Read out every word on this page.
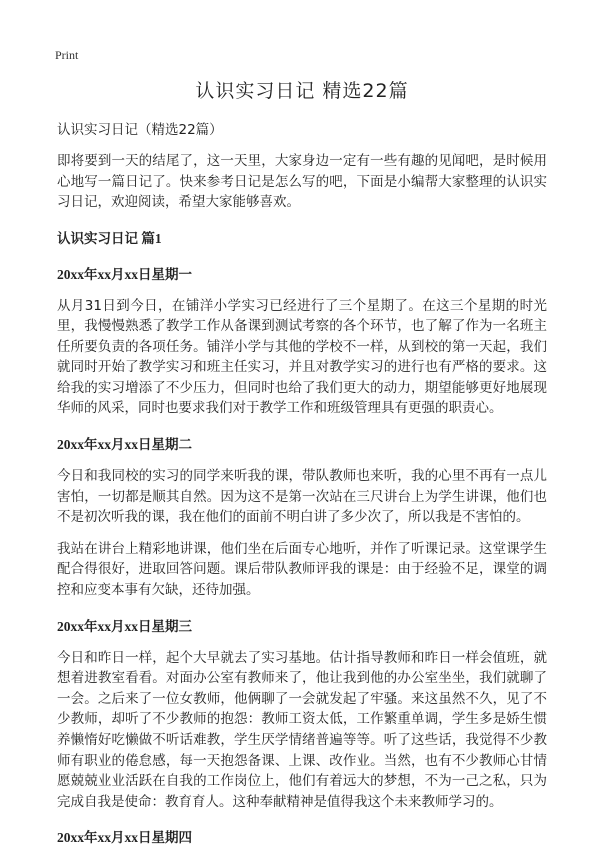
Print
认识实习日记 精选22篇

认识实习日记（精选22篇）

即将要到一天的结尾了，这一天里，大家身边一定有一些有趣的见闻吧，是时候用心地写一篇日记了。快来参考日记是怎么写的吧，下面是小编帮大家整理的认识实习日记，欢迎阅读，希望大家能够喜欢。

认识实习日记 篇1

20xx年xx月xx日星期一

从月31日到今日，在铺洋小学实习已经进行了三个星期了。在这三个星期的时光里，我慢慢熟悉了教学工作从备课到测试考察的各个环节，也了解了作为一名班主任所要负责的各项任务。铺洋小学与其他的学校不一样，从到校的第一天起，我们就同时开始了教学实习和班主任实习，并且对教学实习的进行也有严格的要求。这给我的实习增添了不少压力，但同时也给了我们更大的动力，期望能够更好地展现华师的风采，同时也要求我们对于教学工作和班级管理具有更强的职责心。

20xx年xx月xx日星期二

今日和我同校的实习的同学来听我的课，带队教师也来听，我的心里不再有一点儿害怕，一切都是顺其自然。因为这不是第一次站在三尺讲台上为学生讲课，他们也不是初次听我的课，我在他们的面前不明白讲了多少次了，所以我是不害怕的。

我站在讲台上精彩地讲课，他们坐在后面专心地听，并作了听课记录。这堂课学生配合得很好，进取回答问题。课后带队教师评我的课是：由于经验不足，课堂的调控和应变本事有欠缺，还待加强。

20xx年xx月xx日星期三

今日和昨日一样，起个大早就去了实习基地。估计指导教师和昨日一样会值班，就想着进教室看看。对面办公室有教师来了，他让我到他的办公室坐坐，我们就聊了一会。之后来了一位女教师，他俩聊了一会就发起了牢骚。来这虽然不久，见了不少教师，却听了不少教师的抱怨：教师工资太低，工作繁重单调，学生多是娇生惯养懒惰好吃懒做不听话难教，学生厌学情绪普遍等等。听了这些话，我觉得不少教师有职业的倦怠感，每一天抱怨备课、上课、改作业。当然，也有不少教师心甘情愿兢兢业业活跃在自我的工作岗位上，他们有着远大的梦想，不为一己之私，只为完成自我是使命：教育育人。这种奉献精神是值得我这个未来教师学习的。

20xx年xx月xx日星期四
